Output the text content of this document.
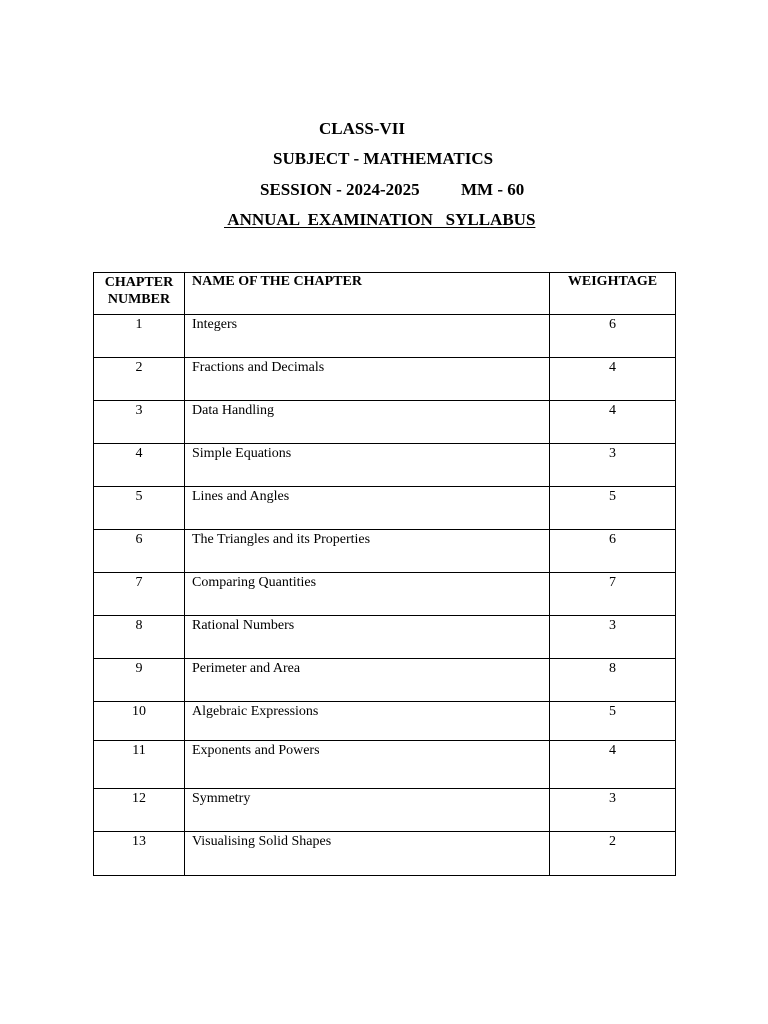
CLASS-VII
SUBJECT - MATHEMATICS
SESSION - 2024-2025 MM - 60
ANNUAL  EXAMINATION   SYLLABUS
CHAPTER NUMBER	NAME OF THE CHAPTER	WEIGHTAGE
1	Integers	6
2	Fractions and Decimals	4
3	Data Handling	4
4	Simple Equations	3
5	Lines and Angles	5
6	The Triangles and its Properties	6
7	Comparing Quantities	7
8	Rational Numbers	3
9	Perimeter and Area	8
10	Algebraic Expressions	5
11	Exponents and Powers	4
12	Symmetry	3
13	Visualising Solid Shapes	2
